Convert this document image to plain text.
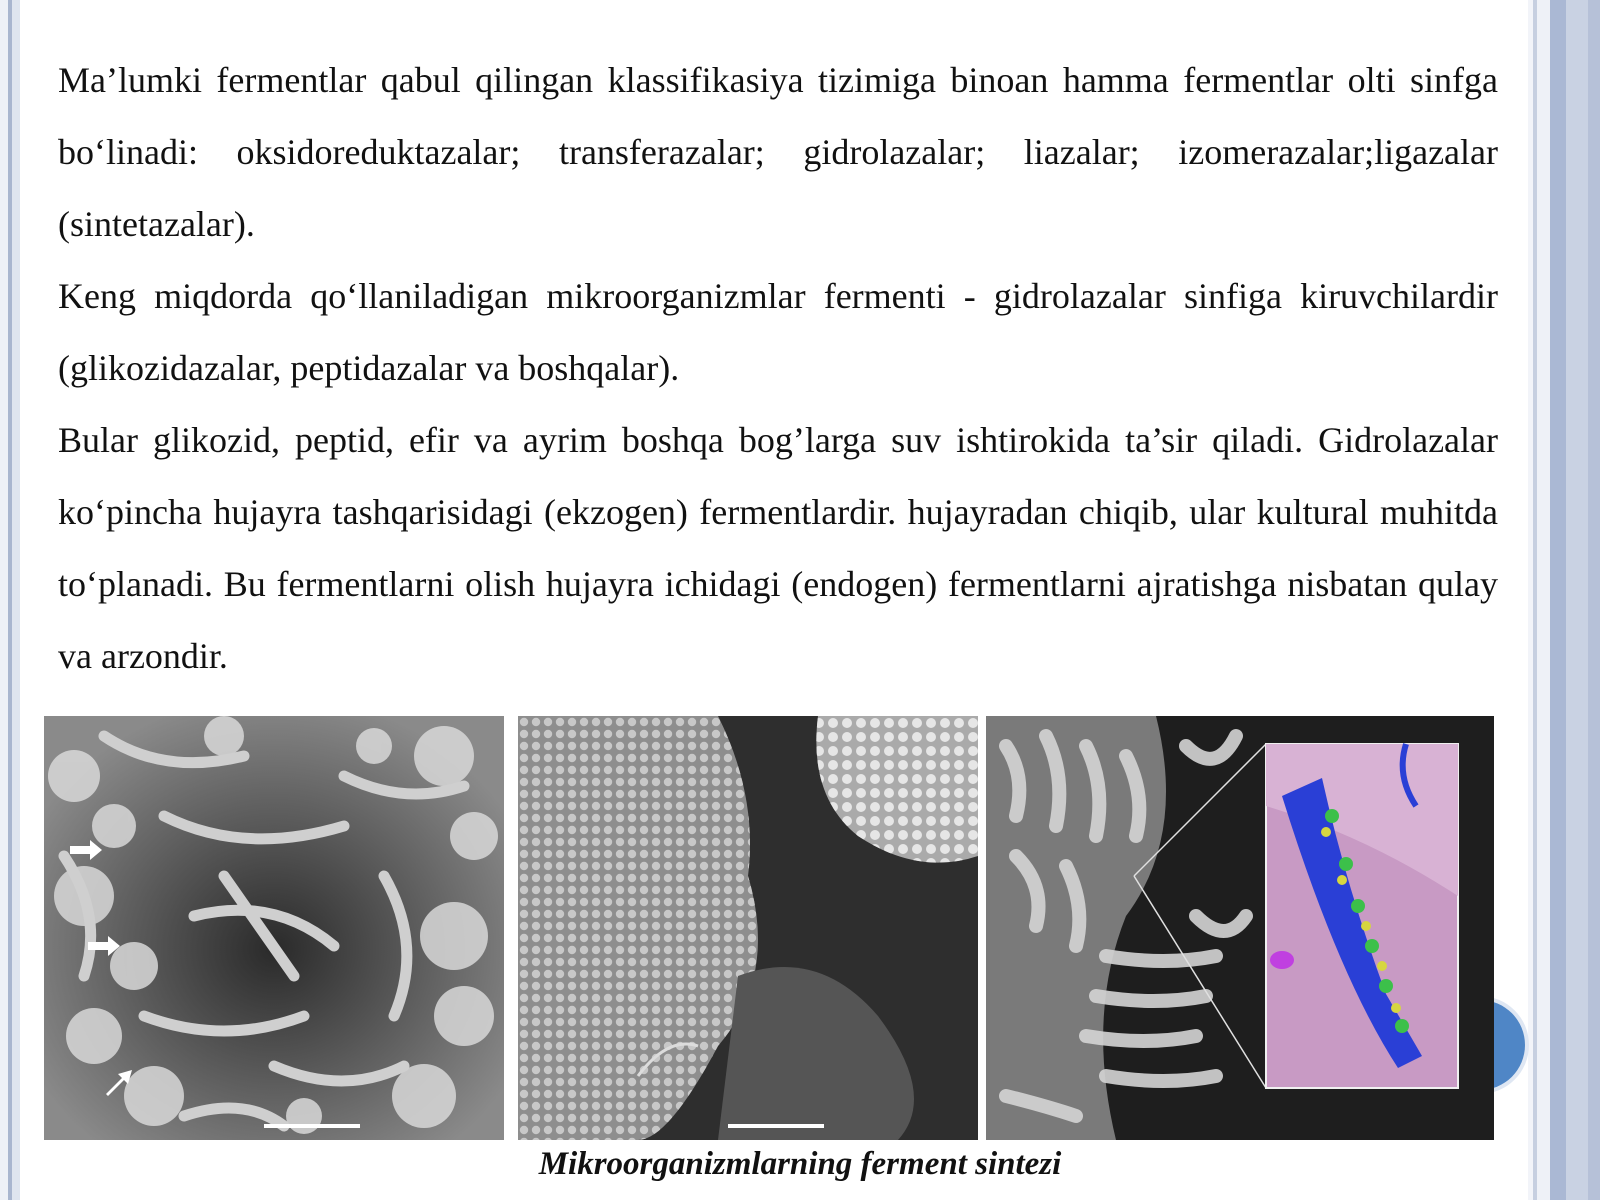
Ma’lumki fermentlar qabul qilingan klassifikasiya tizimiga binoan hamma fermentlar olti sinfga bo‘linadi: oksidoreduktazalar; transferazalar; gidrolazalar; liazalar; izomerazalar;ligazalar (sintetazalar).

Keng miqdorda qo‘llaniladigan mikroorganizmlar fermenti - gidrolazalar sinfiga kiruvchilardir (glikozidazalar, peptidazalar va boshqalar).

Bular glikozid, peptid, efir va ayrim boshqa bog’larga suv ishtirokida ta’sir qiladi. Gidrolazalar ko‘pincha hujayra tashqarisidagi (ekzogen) fermentlardir. hujayradan chiqib, ular kultural muhitda to‘planadi. Bu fermentlarni olish hujayra ichidagi (endogen) fermentlarni ajratishga nisbatan qulay va arzondir.

Mikroorganizmlarning ferment sintezi
